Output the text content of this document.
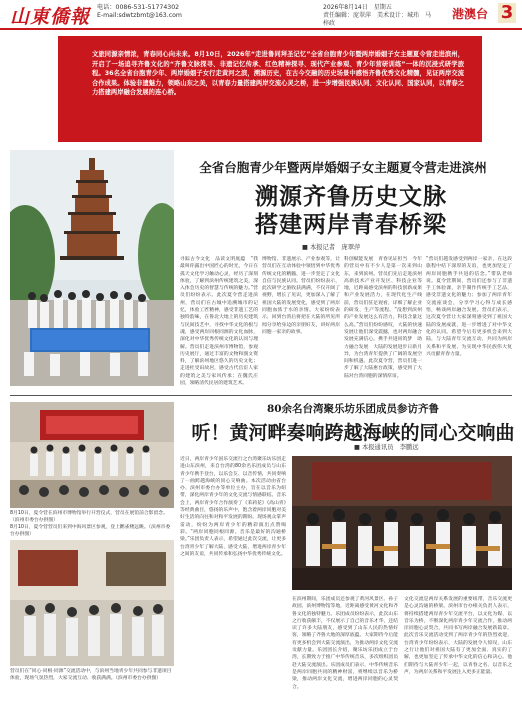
山東僑報 电话：0086-531-51774302
E-mail:sdwtzbmt@163.com
2026年8月14日　星期五
责任编辑：庞翠萍　美术设计：城玮　马梓政
港澳台 3
文旅同源亲情浓，青春同心向未来。8月10日，2026年“走进鲁同拜圣记忆”全省台胞青少年暨两岸婚姻子女主题夏令营走进滨州，开启了一场追寻齐鲁文化的“齐鲁文脉探寻、非遗记忆传承、红色精神探寻、现代产业参观、青少年营研训练”一体的沉浸式研学旅程。36名全省台胞青少年、两岸婚姻子女行走黄河之滨，溯源历史，在古今交融的历史场景中感悟齐鲁优秀文化精髓，见证两岸交流合作成果。体验非遗魅力，领略山东之美，以青春力量搭建两岸交流心灵之桥，进一步增强民族认同、文化认同、国家认同，以青春之力搭建两岸融合发展的连心桥。
全省台胞青少年暨两岸婚姻子女主题夏令营走进滨州
溯源齐鲁历史文脉
搭建两岸青春桥梁
■ 本报记者　庞翠萍
寻踪古今文化　品读文明底蕴　“我最叫你露出中国匠心的时光，今日在孤天文化学习触动心灵，经历了深刻体验，了解到滨州传统建筑之美，深入体会历史的智慧与传统的魅力。”营员们纷纷表示。此次夏令营走进滨州，营员们在古城中追溯城市的记忆，体验工匠精神，感受非遗工艺的独特韵味，在鲁北大地上的历史建筑与民间技艺中，寻找中华文化的根与魂，感受两岸同根同源的文化血脉，深化对中华优秀传统文化的认同与理解。营员们走进滨州市博物馆，参观历史展厅，通过丰富的文物和图文资料，了解滨州地区悠久的历史文化；走进杜受田故居，感受古代官宦人家的建筑之美与家风传承；在魏氏庄园，领略清代民居的建筑艺术。
博物馆、非遗展示、产业参观等，让营员们在互动体验中领悟到中华优秀传统文化的精髓，进一步坚定了文化自信与民族认同。营员们纷纷表示，此次研学之旅收获满满，不仅开阔了视野，增长了见识，更加深入了解了祖国大陆的发展变化，感受到了两岸同胞血浓于水的亲情。大家纷纷表示，回到台湾后将把在大陆的所见所闻分享给身边的亲朋好友，讲好两岸同胞一家亲的故事。
科创赋能发展　青春见证担当　今年的营员中有不少人是第一次来到山东，来到滨州。营员们先后走进滨州高新技术产业开发区、科技企业等地，近距离感受滨州的科技创新成果和产业发展活力，在现代化生产线前，营员们驻足观看，详细了解企业的研发、生产等流程。“没想到滨州的产业发展这么有活力，科技含量这么高。”营员们纷纷感叹，大陆的快速发展让他们深受震撼，也对两岸融合发展充满信心。携手共进同筑梦　助力融合发展　大陆的发展进步日新月异，为台湾青年提供了广阔的发展空间和机遇。此次夏令营，营员们进一步了解了大陆惠台政策，感受到了大陆对台湾同胞的深情厚谊。
“营员们越发感受到两岸一家亲，在这段旅程中结下深厚的友谊，也更加坚定了两岸同胞携手共进的信念。”带队老师说。夏令营期间，营员们还参与了非遗手工体验课，亲手制作传统手工艺品，感受非遗文化的魅力；参加了两岸青年交流座谈会，分享学习心得与成长感悟，畅谈两岸融合发展。营员们表示，这次夏令营让大家深刻感受到了祖国大陆的发展成就，进一步增进了对中华文化的认同。希望今后有更多机会来到大陆，与大陆青年交流互动，共同为两岸关系和平发展、为实现中华民族伟大复兴贡献青春力量。
8月10日，夏令营在滨州市博物馆举行开营仪式，营员在展馆前合影留念。（滨州市委台办供图）
8月10日，夏令营营员们来到中海风景区参观，登上鹳雀楼远眺。（滨州市委台办供图）
营员们在“同心·同根·同源”交流活动中，与滨州当地青少年共同参与非遗项目体验，现场气氛热烈，大家交流互动、收获满满。（滨州市委台办供图）
80余名台湾聚乐坊乐团成员参访齐鲁
听！黄河畔奏响跨越海峡的同心交响曲
■ 本报通讯员　李鹏远
近日，两岸青少年国乐交流行之台湾聚乐坊乐团走进山东滨州，来自台湾的80余名乐团成员与山东青少年携手登台，以乐会友、以音传情，共同奏响了一曲跨越海峡的同心交响曲。本次活动由省台办、滨州市委台办等单位主办，旨在以音乐为纽带，深化两岸青少年的文化交流与情感联结。音乐会上，两岸青少年合作演奏了《茉莉花》《高山青》等经典曲目，悠扬的乐声中，饱含着两岸同胞对美好生活的向往和对和平发展的期盼。现场观众掌声雷动，纷纷为两岸青少年的精彩演出点赞喝彩。“两岸同胞同根同源，音乐是最好的沟通桥梁。”乐团负责人表示，希望通过此次交流，让更多台湾青少年了解大陆、感受大陆，增进两岸青少年之间的友谊，共同传承和弘扬中华优秀传统文化。
在滨州期间，乐团成员还参观了黄河风景区、孙子故园、滨州博物馆等地，近距离感受黄河文化和齐鲁文化的独特魅力。乐团成员纷纷表示，此次山东之行收获颇丰，不仅展示了自己的音乐才华，还结识了许多大陆朋友，感受到了山东人民的热情好客，领略了齐鲁大地的深厚底蕴。大家期待今后能有更多机会到大陆交流演出，为推动两岸文化交流贡献力量。乐团团长介绍，聚乐坊乐团成立于台湾，长期致力于推广中华传统音乐，多次组织团员赴大陆交流演出。乐团成员们表示，中华传统音乐是两岸同胞共同的精神财富，将继续以音乐为桥梁，推动两岸文化交流，增进两岸同胞的心灵契合。
文化交流是两岸关系发展的重要纽带，音乐交流更是心灵沟通的桥梁。滨州市台办相关负责人表示，将持续搭建两岸青少年交流平台，以文化为媒、以音乐为桥，不断深化两岸青少年交流合作，推动两岸同胞心灵契合，共同书写两岸融合发展新篇章。此次音乐交流活动受到了两岸青少年的热烈欢迎，台湾青少年纷纷表示，大陆的发展令人惊叹，山东之行让他们对祖国大陆有了更加全面、真实的了解，也更加坚定了传承中华文化的信心和决心。他们期待与大陆青少年一起，以青春之名、以音乐之声，为两岸关系和平发展注入更多正能量。
